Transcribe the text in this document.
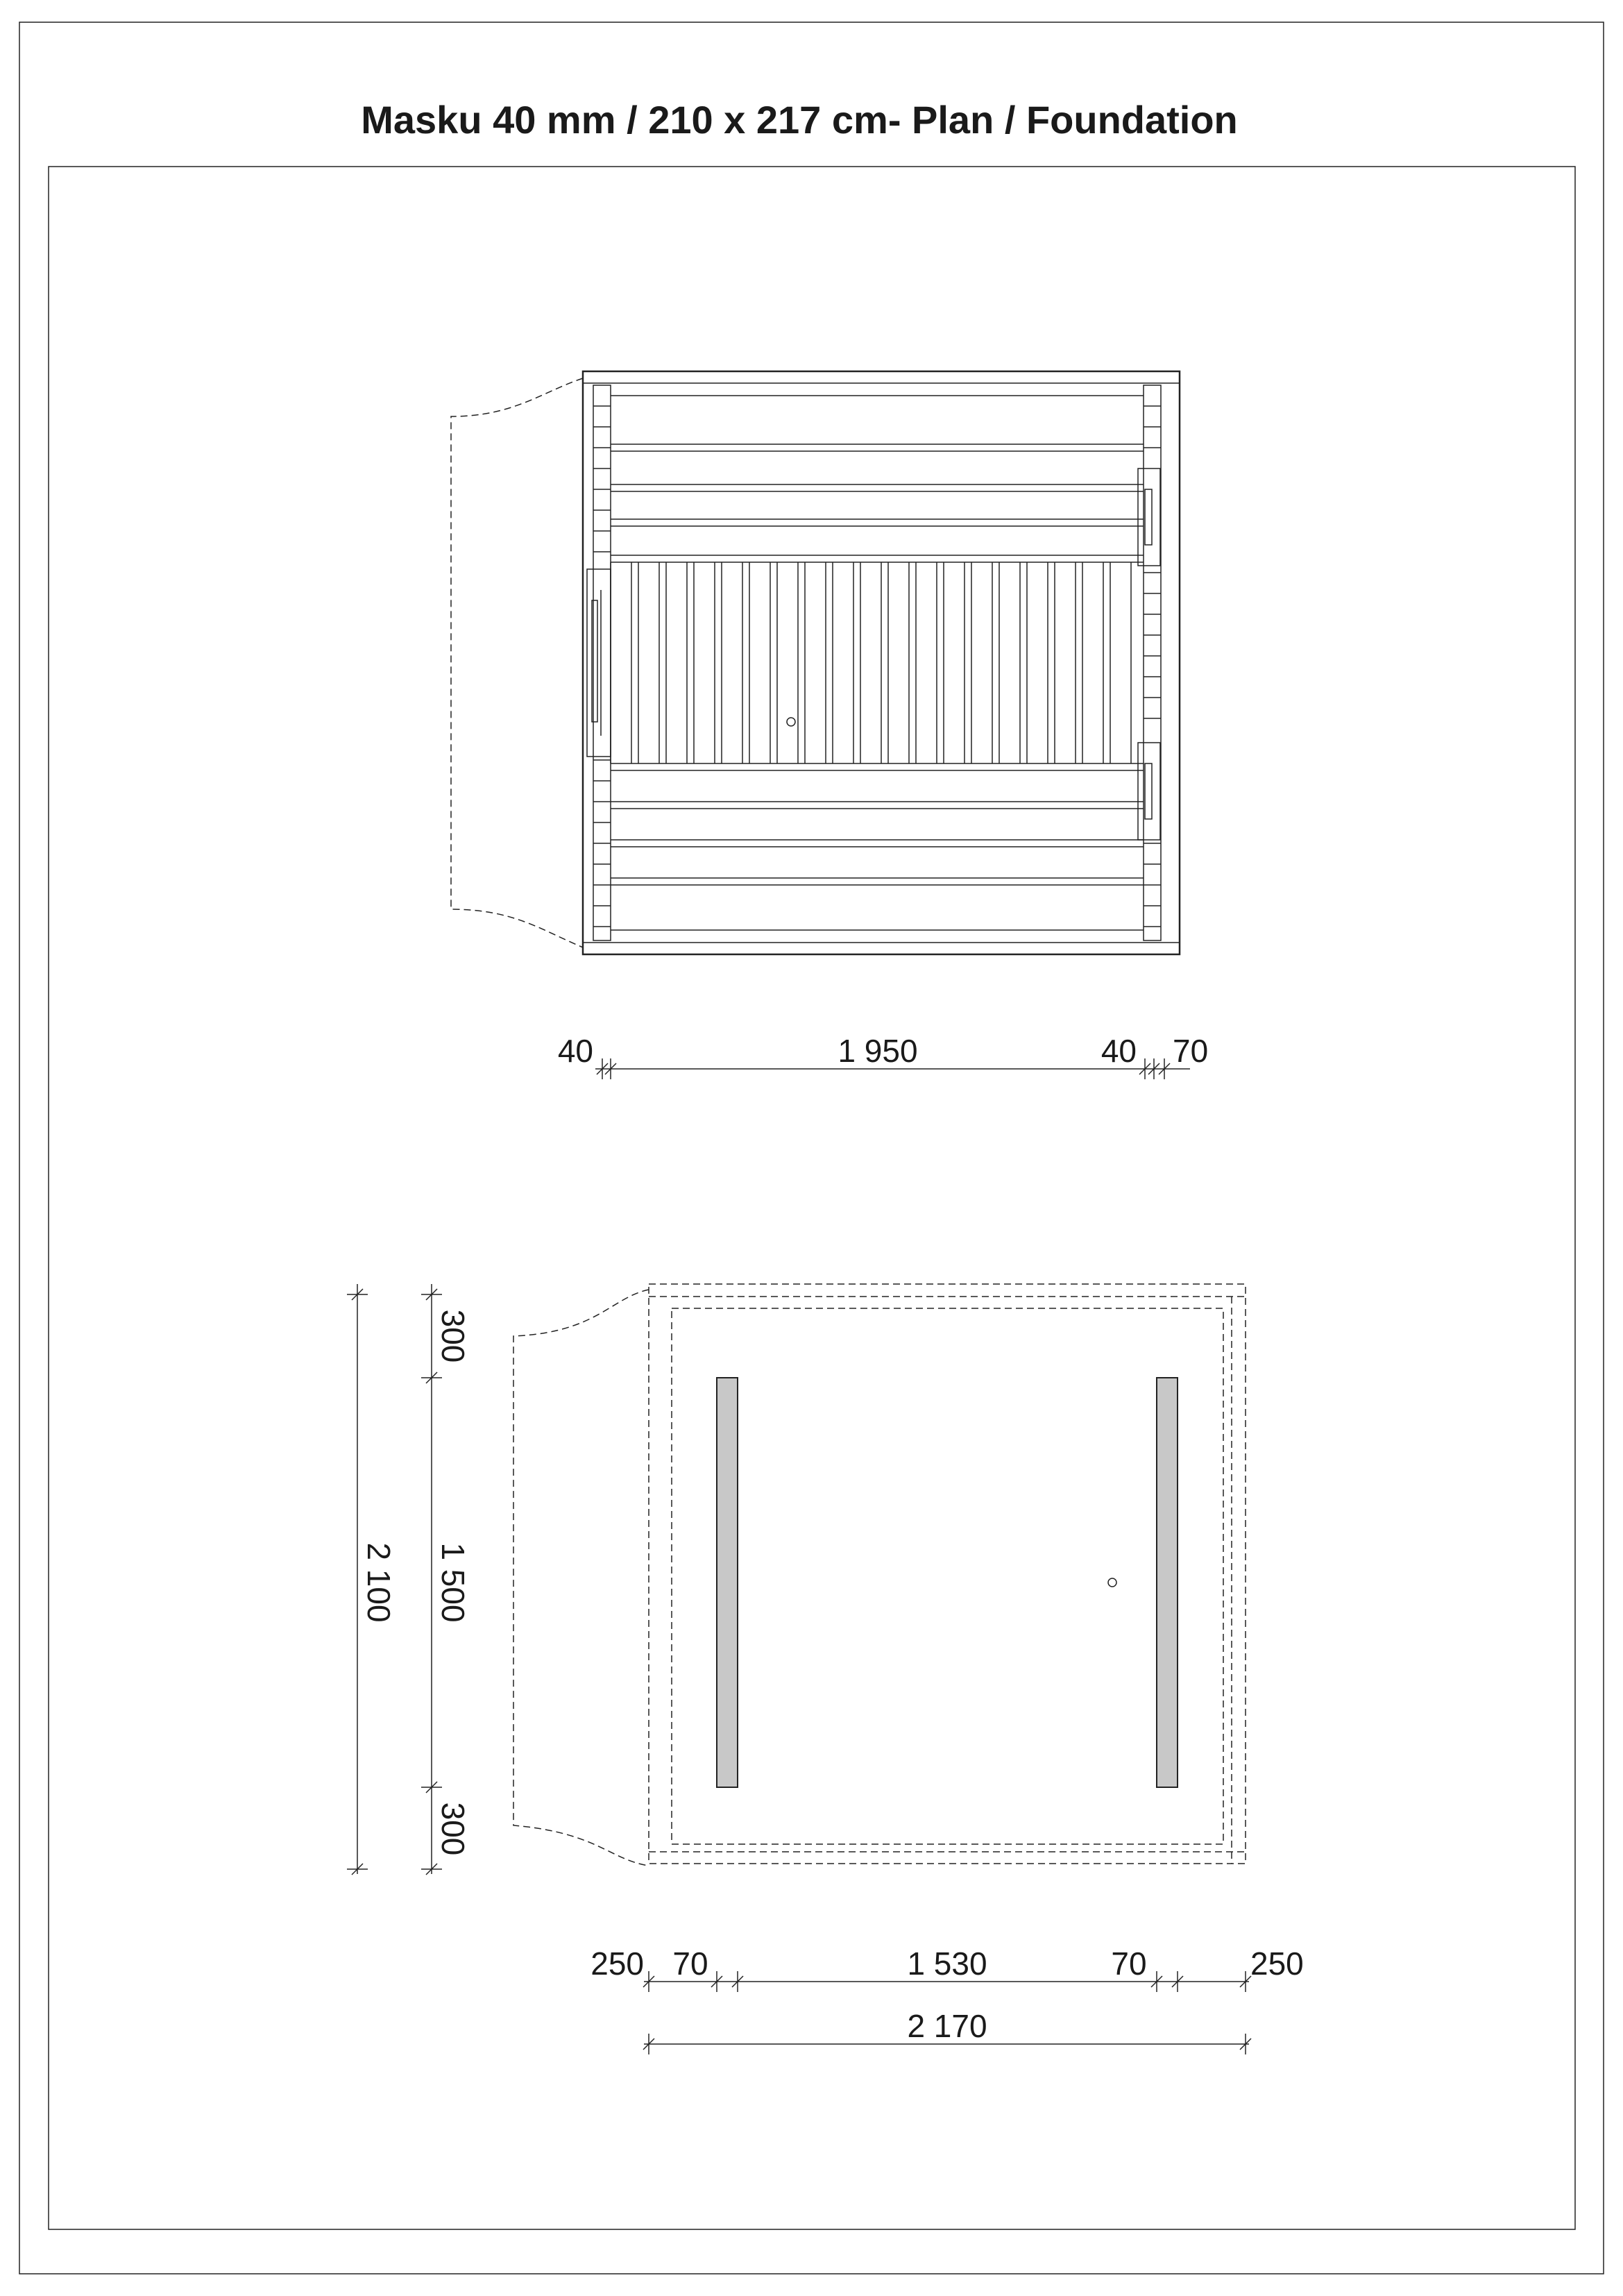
Masku 40 mm / 210 x 217 cm- Plan / Foundation
40	1 950	40 70
2 100
300
1 500
300
250 70	1 530	70	250
2 170
